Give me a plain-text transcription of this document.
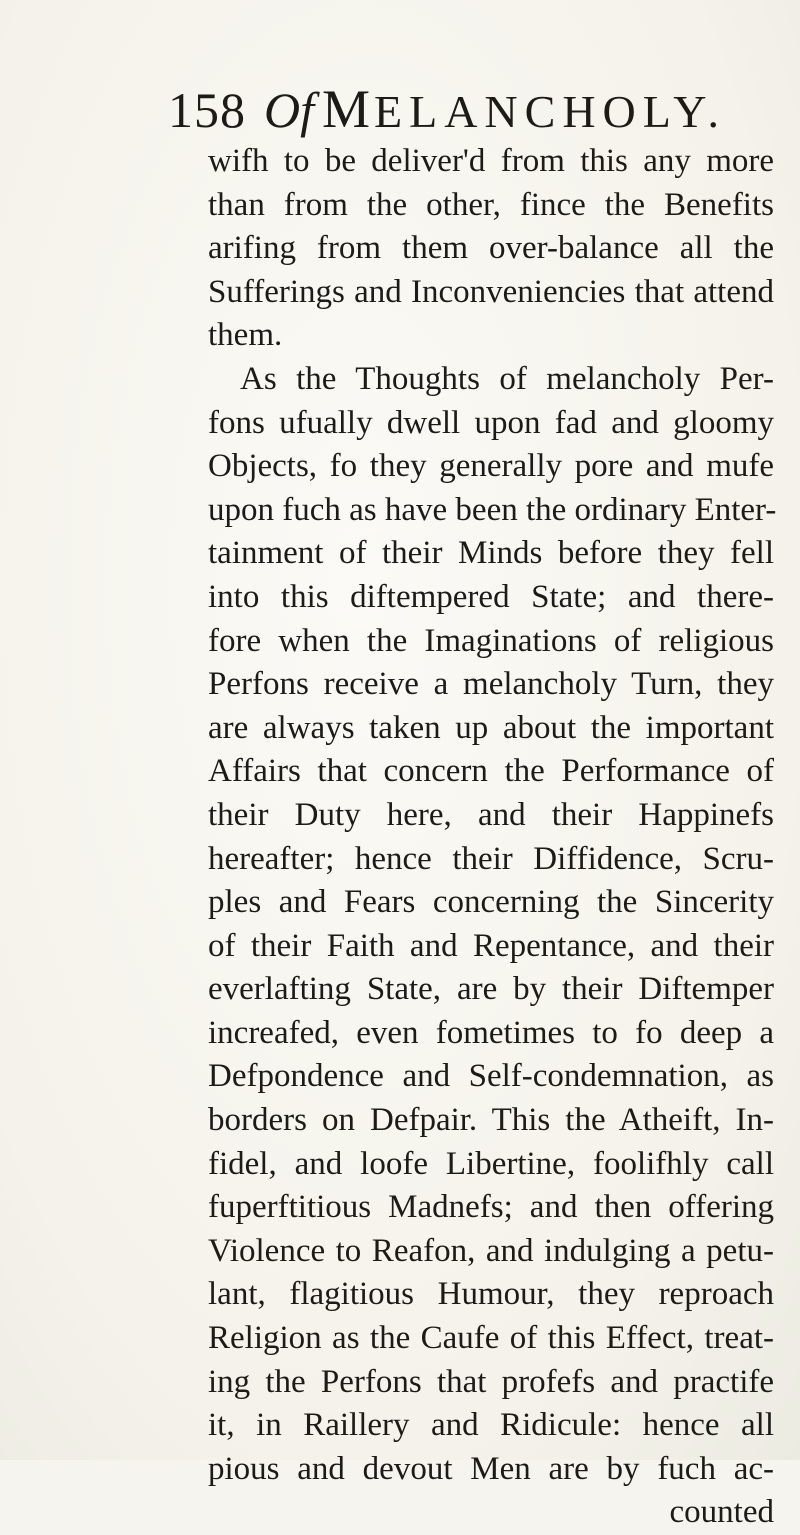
158 Of MELANCHOLY.
wifh to be deliver'd from this any more
than from the other, fince the Benefits
arifing from them over-balance all the
Sufferings and Inconveniencies that attend
them.
As the Thoughts of melancholy Per-
fons ufually dwell upon fad and gloomy
Objects, fo they generally pore and mufe
upon fuch as have been the ordinary Enter-
tainment of their Minds before they fell
into this diftempered State; and there-
fore when the Imaginations of religious
Perfons receive a melancholy Turn, they
are always taken up about the important
Affairs that concern the Performance of
their Duty here, and their Happinefs
hereafter; hence their Diffidence, Scru-
ples and Fears concerning the Sincerity
of their Faith and Repentance, and their
everlafting State, are by their Diftemper
increafed, even fometimes to fo deep a
Defpondence and Self-condemnation, as
borders on Defpair. This the Atheift, In-
fidel, and loofe Libertine, foolifhly call
fuperftitious Madnefs; and then offering
Violence to Reafon, and indulging a petu-
lant, flagitious Humour, they reproach
Religion as the Caufe of this Effect, treat-
ing the Perfons that profefs and practife
it, in Raillery and Ridicule: hence all
pious and devout Men are by fuch ac-
counted
